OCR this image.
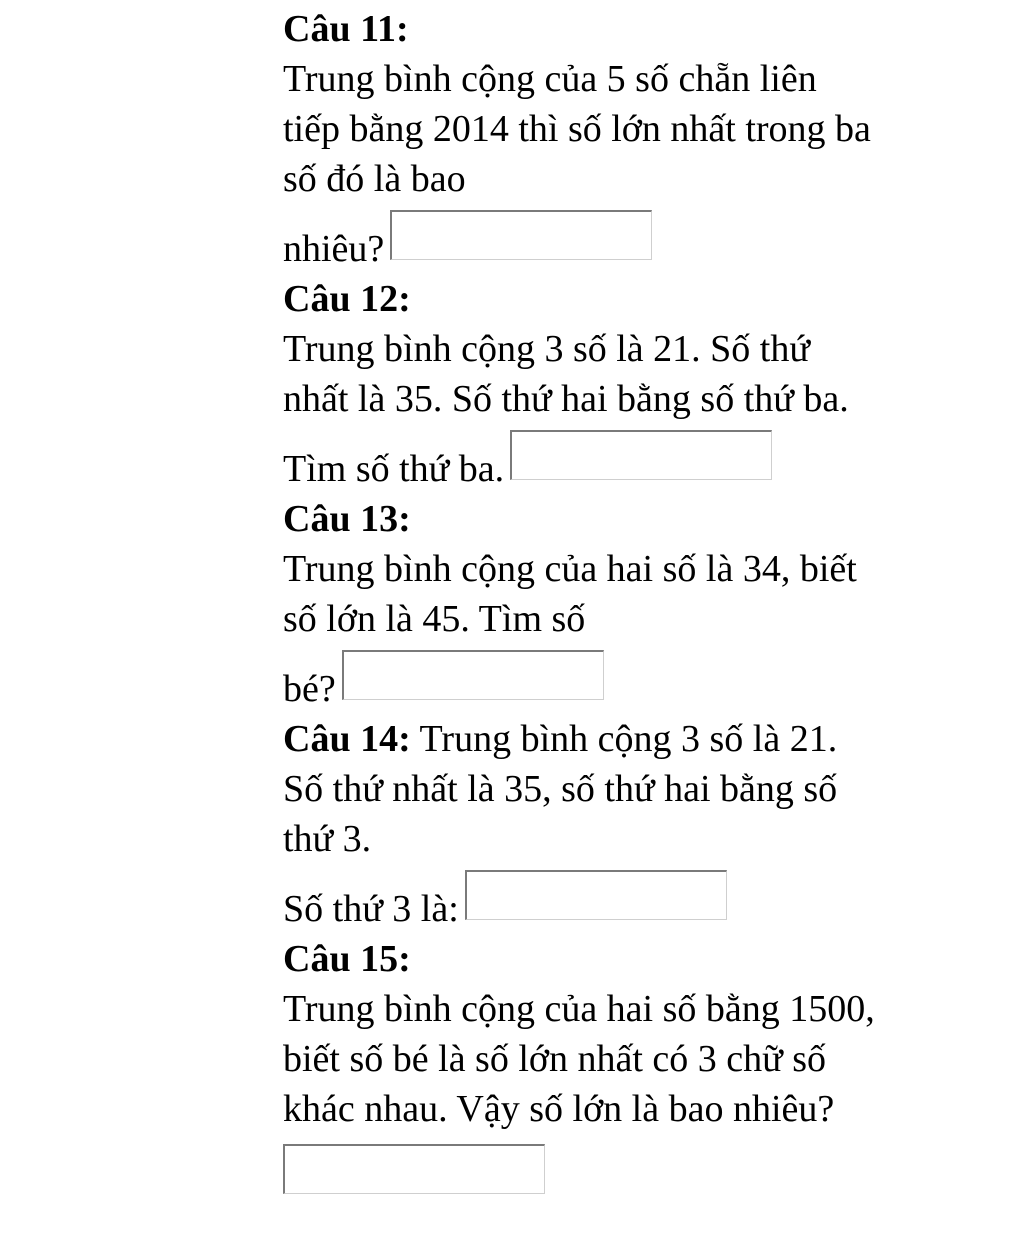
Câu 11:
Trung bình cộng của 5 số chẵn liên tiếp bằng 2014 thì số lớn nhất trong ba số đó là bao
nhiêu?
Câu 12:
Trung bình cộng 3 số là 21. Số thứ nhất là 35. Số thứ hai bằng số thứ ba.
Tìm số thứ ba.
Câu 13:
Trung bình cộng của hai số là 34, biết số lớn là 45. Tìm số
bé?
Câu 14: Trung bình cộng 3 số là 21. Số thứ nhất là 35, số thứ hai bằng số thứ 3.
Số thứ 3 là:
Câu 15:
Trung bình cộng của hai số bằng 1500, biết số bé là số lớn nhất có 3 chữ số khác nhau. Vậy số lớn là bao nhiêu?
